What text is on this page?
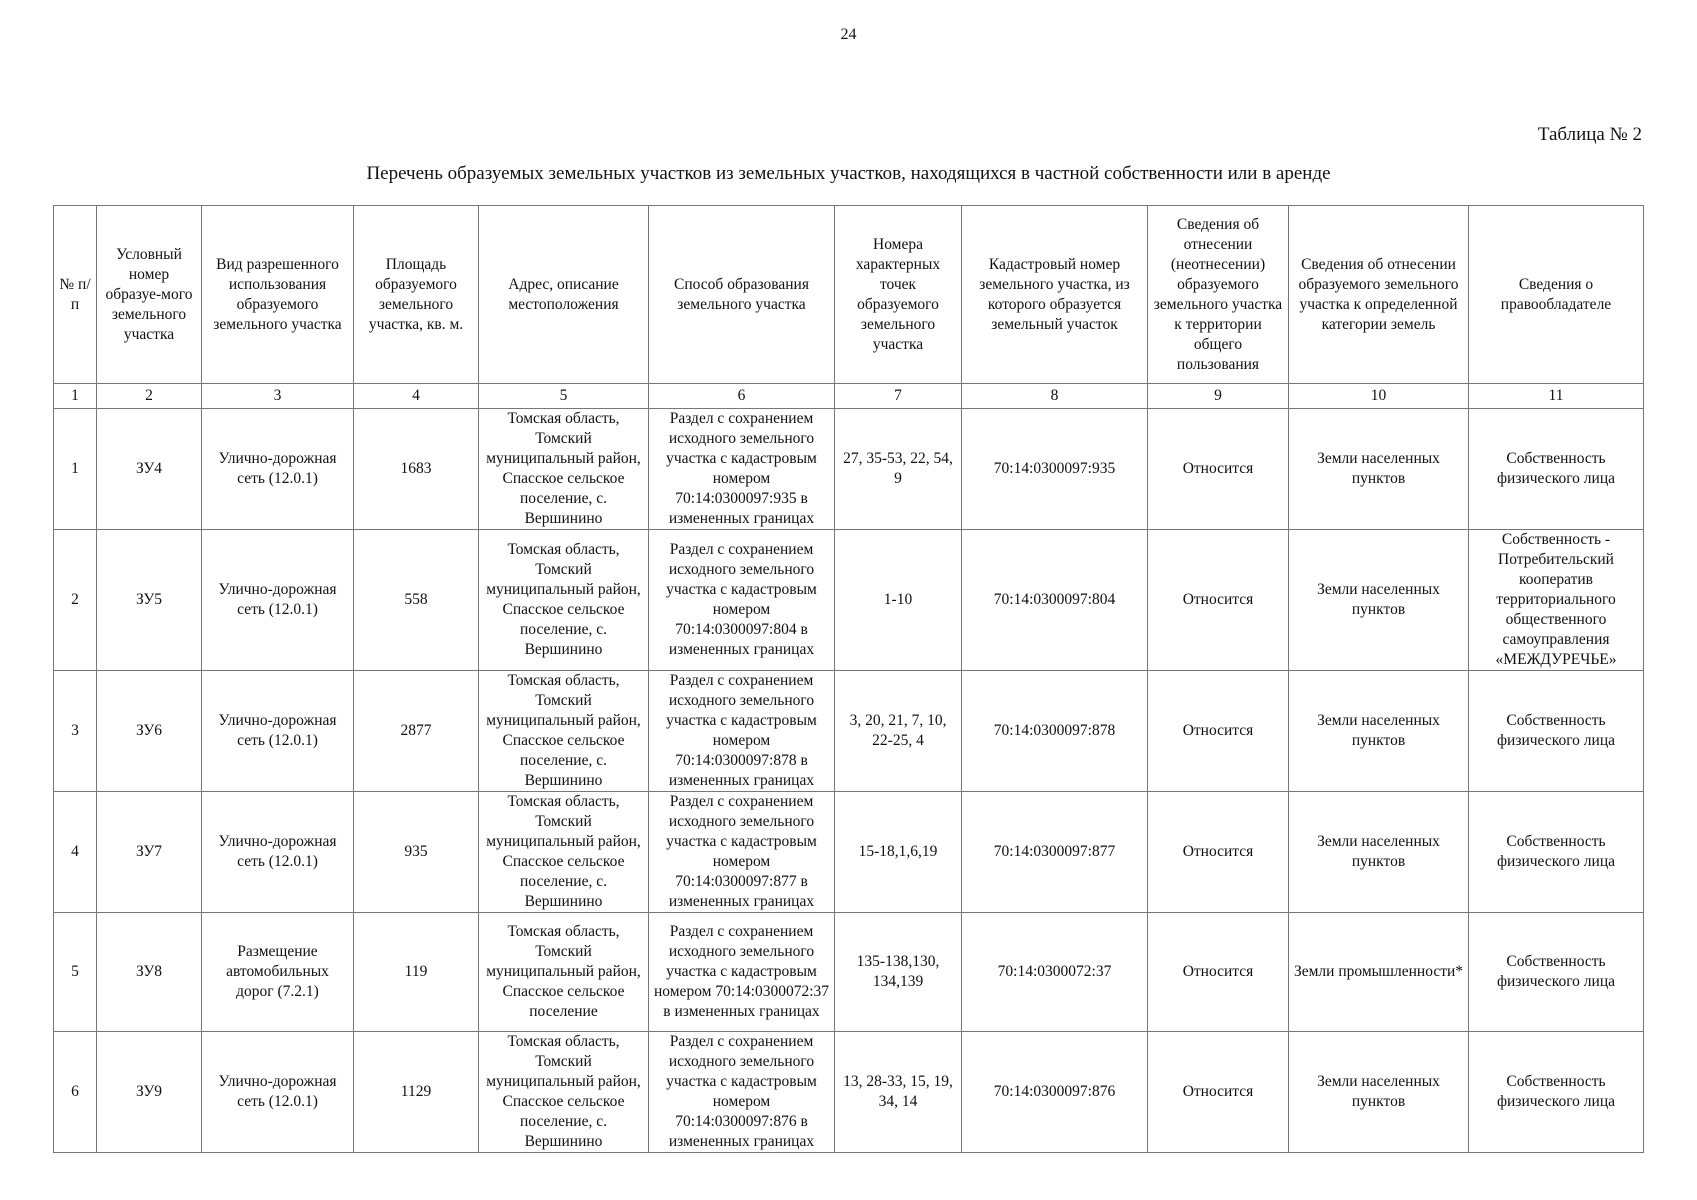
24
Таблица № 2
Перечень образуемых земельных участков из земельных участков, находящихся в частной собственности или в аренде
№ п/п	Условный номер образуе-мого земельного участка	Вид разрешенного использования образуемого земельного участка	Площадь образуемого земельного участка, кв. м.	Адрес, описание местоположения	Способ образования земельного участка	Номера характерных точек образуемого земельного участка	Кадастровый номер земельного участка, из которого образуется земельный участок	Сведения об отнесении (неотнесении) образуемого земельного участка к территории общего пользования	Сведения об отнесении образуемого земельного участка к определенной категории земель	Сведения о правообладателе
1	2	3	4	5	6	7	8	9	10	11
1	ЗУ4	Улично-дорожная сеть (12.0.1)	1683	Томская область, Томский муниципальный район, Спасское сельское поселение, с. Вершинино	Раздел с сохранением исходного земельного участка с кадастровым номером 70:14:0300097:935 в измененных границах	27, 35-53, 22, 54, 9	70:14:0300097:935	Относится	Земли населенных пунктов	Собственность физического лица
2	ЗУ5	Улично-дорожная сеть (12.0.1)	558	Томская область, Томский муниципальный район, Спасское сельское поселение, с. Вершинино	Раздел с сохранением исходного земельного участка с кадастровым номером 70:14:0300097:804 в измененных границах	1-10	70:14:0300097:804	Относится	Земли населенных пунктов	Собственность - Потребительский кооператив территориального общественного самоуправления «МЕЖДУРЕЧЬЕ»
3	ЗУ6	Улично-дорожная сеть (12.0.1)	2877	Томская область, Томский муниципальный район, Спасское сельское поселение, с. Вершинино	Раздел с сохранением исходного земельного участка с кадастровым номером 70:14:0300097:878 в измененных границах	3, 20, 21, 7, 10, 22-25, 4	70:14:0300097:878	Относится	Земли населенных пунктов	Собственность физического лица
4	ЗУ7	Улично-дорожная сеть (12.0.1)	935	Томская область, Томский муниципальный район, Спасское сельское поселение, с. Вершинино	Раздел с сохранением исходного земельного участка с кадастровым номером 70:14:0300097:877 в измененных границах	15-18,1,6,19	70:14:0300097:877	Относится	Земли населенных пунктов	Собственность физического лица
5	ЗУ8	Размещение автомобильных дорог (7.2.1)	119	Томская область, Томский муниципальный район, Спасское сельское поселение	Раздел с сохранением исходного земельного участка с кадастровым номером 70:14:0300072:37 в измененных границах	135-138,130, 134,139	70:14:0300072:37	Относится	Земли промышленности*	Собственность физического лица
6	ЗУ9	Улично-дорожная сеть (12.0.1)	1129	Томская область, Томский муниципальный район, Спасское сельское поселение, с. Вершинино	Раздел с сохранением исходного земельного участка с кадастровым номером 70:14:0300097:876 в измененных границах	13, 28-33, 15, 19, 34, 14	70:14:0300097:876	Относится	Земли населенных пунктов	Собственность физического лица
